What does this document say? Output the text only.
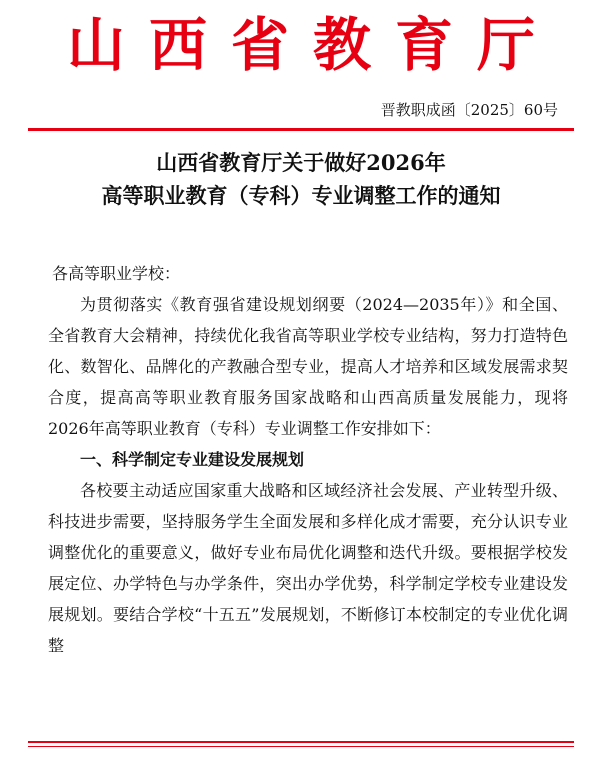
山西省教育厅
晋教职成函〔2025〕60号
山西省教育厅关于做好2026年
高等职业教育（专科）专业调整工作的通知
各高等职业学校：
为贯彻落实《教育强省建设规划纲要（2024—2035年）》和全国、全省教育大会精神，持续优化我省高等职业学校专业结构，努力打造特色化、数智化、品牌化的产教融合型专业，提高人才培养和区域发展需求契合度，提高高等职业教育服务国家战略和山西高质量发展能力，现将2026年高等职业教育（专科）专业调整工作安排如下：
一、科学制定专业建设发展规划
各校要主动适应国家重大战略和区域经济社会发展、产业转型升级、科技进步需要，坚持服务学生全面发展和多样化成才需要，充分认识专业调整优化的重要意义，做好专业布局优化调整和迭代升级。要根据学校发展定位、办学特色与办学条件，突出办学优势，科学制定学校专业建设发展规划。要结合学校“十五五”发展规划，不断修订本校制定的专业优化调整
